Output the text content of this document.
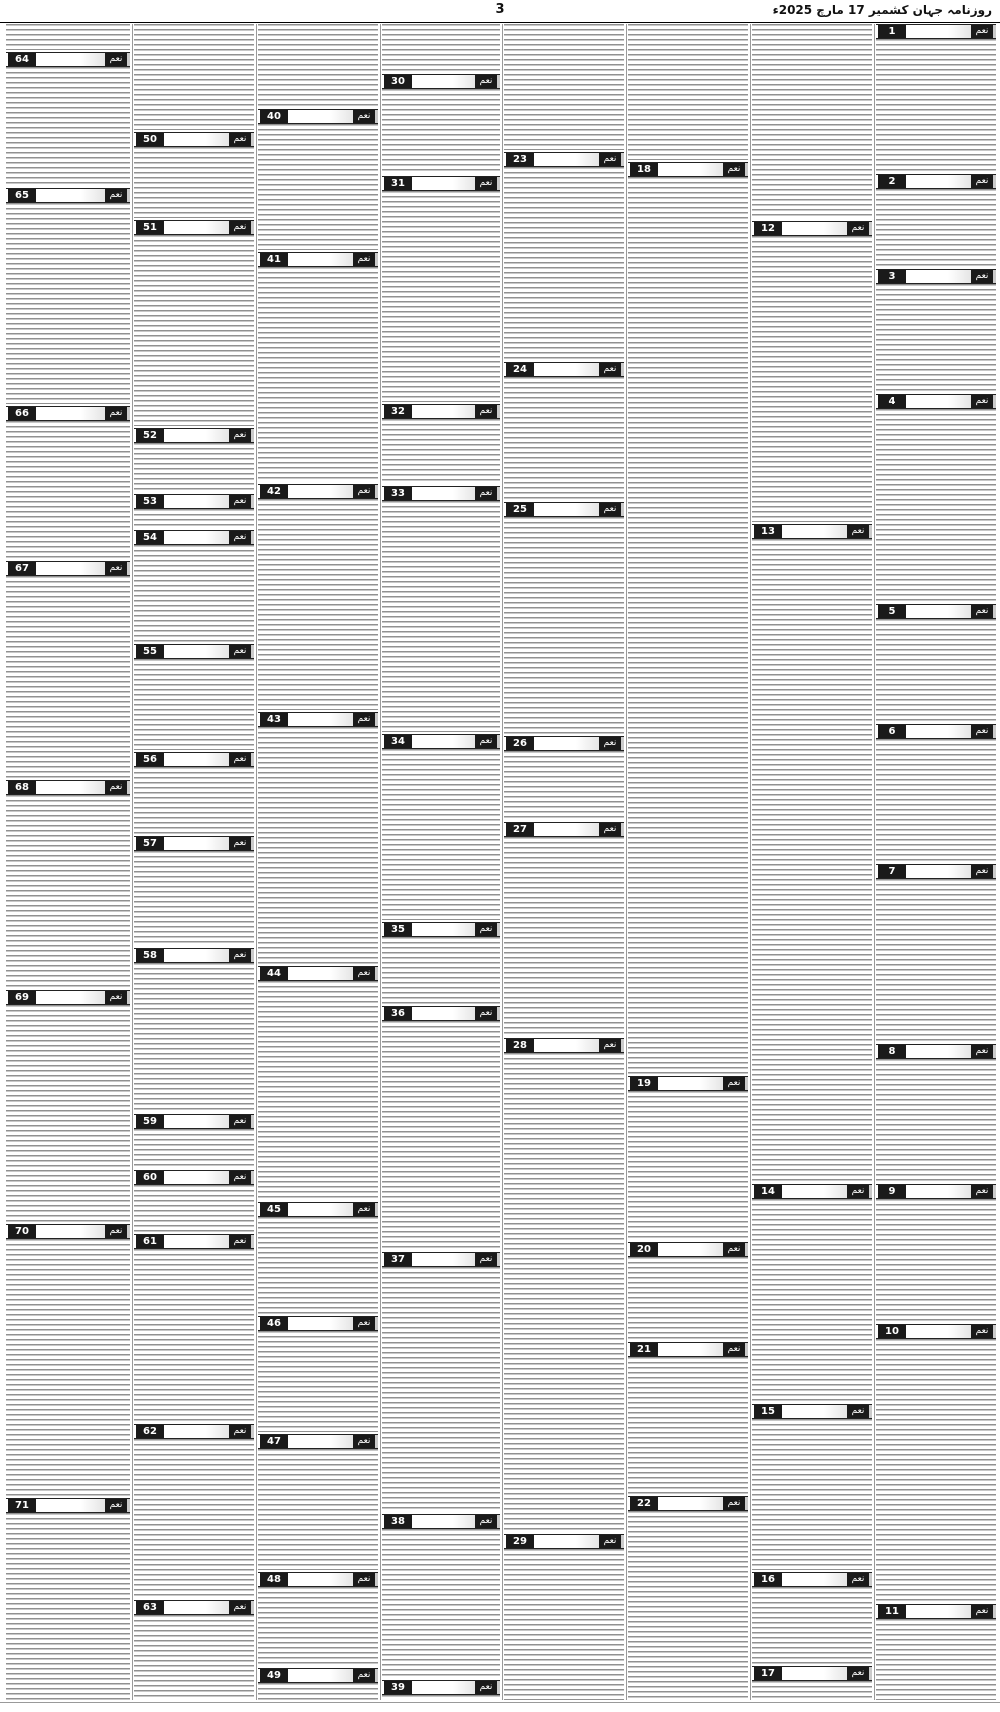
3	روزنامہ جہان کشمیر 17 مارچ 2025ء
1	نعم
2	نعم
3	نعم
4	نعم
5	نعم
6	نعم
7	نعم
8	نعم
9	نعم
10	نعم
11	نعم
12	نعم
13	نعم
14	نعم
15	نعم
16	نعم
17	نعم
18	نعم
19	نعم
20	نعم
21	نعم
22	نعم
23	نعم
24	نعم
25	نعم
26	نعم
27	نعم
28	نعم
29	نعم
30	نعم
31	نعم
32	نعم
33	نعم
34	نعم
35	نعم
36	نعم
37	نعم
38	نعم
39	نعم
40	نعم
41	نعم
42	نعم
43	نعم
44	نعم
45	نعم
46	نعم
47	نعم
48	نعم
49	نعم
50	نعم
51	نعم
52	نعم
53	نعم
54	نعم
55	نعم
56	نعم
57	نعم
58	نعم
59	نعم
60	نعم
61	نعم
62	نعم
63	نعم
64	نعم
65	نعم
66	نعم
67	نعم
68	نعم
69	نعم
70	نعم
71	نعم
